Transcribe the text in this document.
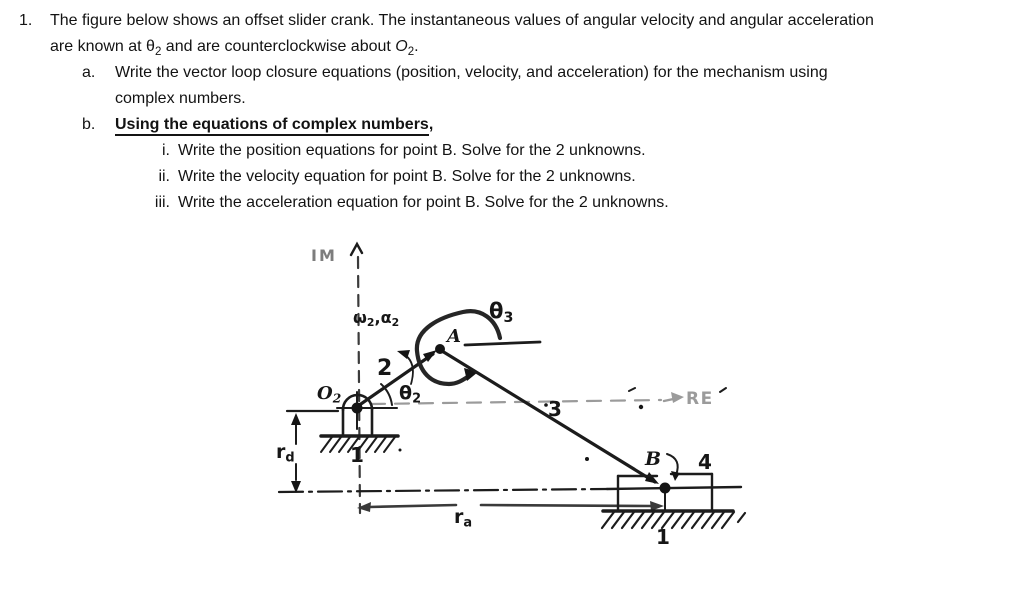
1. The figure below shows an offset slider crank. The instantaneous values of angular velocity and angular acceleration
are known at $\theta_2$ and are counterclockwise about $O_2$.
a. Write the vector loop closure equations (position, velocity, and acceleration) for the mechanism using
complex numbers.
b. Using the equations of complex numbers,
i. Write the position equations for point B. Solve for the 2 unknowns.
ii. Write the velocity equation for point B. Solve for the 2 unknowns.
iii. Write the acceleration equation for point B. Solve for the 2 unknowns.
IM
RE
ω2,α2
2
θ2
O2
A
θ3
3
B 4
1
1
rd
ra
